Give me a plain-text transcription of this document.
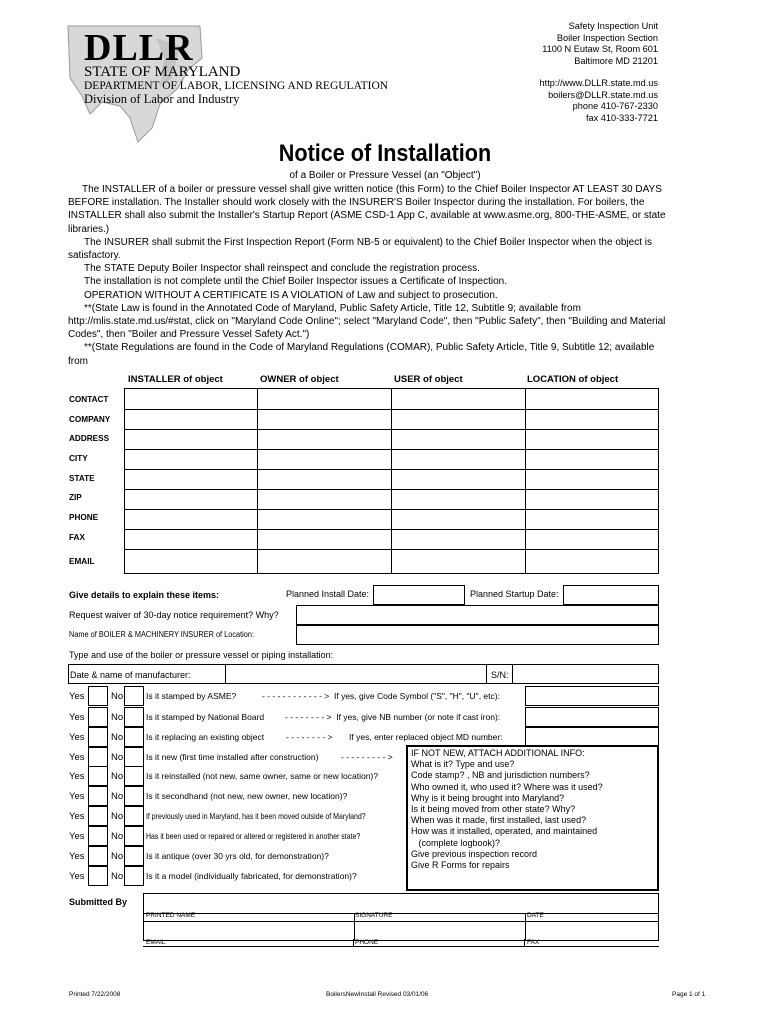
DLLR
STATE OF MARYLAND
DEPARTMENT OF LABOR, LICENSING AND REGULATION
Division of Labor and Industry
Safety Inspection Unit
Boiler Inspection Section
1100 N Eutaw St, Room 601
Baltimore MD 21201
http://www.DLLR.state.md.us
boilers@DLLR.state.md.us
phone 410-767-2330
fax 410-333-7721
Notice of Installation
of a Boiler or Pressure Vessel (an "Object")

The INSTALLER of a boiler or pressure vessel shall give written notice (this Form) to the Chief Boiler Inspector AT LEAST 30 DAYS BEFORE installation. The Installer should work closely with the INSURER'S Boiler Inspector during the installation. For boilers, the INSTALLER shall also submit the Installer's Startup Report (ASME CSD-1 App C, available at www.asme.org, 800-THE-ASME, or state libraries.)

The INSURER shall submit the First Inspection Report (Form NB-5 or equivalent) to the Chief Boiler Inspector when the object is satisfactory.

The STATE Deputy Boiler Inspector shall reinspect and conclude the registration process.

The installation is not complete until the Chief Boiler Inspector issues a Certificate of Inspection.

OPERATION WITHOUT A CERTIFICATE IS A VIOLATION of Law and subject to prosecution.

**(State Law is found in the Annotated Code of Maryland, Public Safety Article, Title 12, Subtitle 9; available from http://mlis.state.md.us/#stat, click on "Maryland Code Online"; select "Maryland Code", then "Public Safety", then "Building and Material Codes", then "Boiler and Pressure Vessel Safety Act.")

**(State Regulations are found in the Code of Maryland Regulations (COMAR), Public Safety Article, Title 9, Subtitle 12; available from

INSTALLER of object	OWNER of object	USER of object	LOCATION of object
CONTACT
COMPANY
ADDRESS
CITY
STATE
ZIP
PHONE
FAX
EMAIL
Give details to explain these items:	Planned Install Date:	Planned Startup Date:
Request waiver of 30-day notice requirement? Why?
Name of BOILER & MACHINERY INSURER of Location:
Type and use of the boiler or pressure vessel or piping installation:
Date & name of manufacturer:	S/N:
Yes	No	Is it stamped by ASME?	- - - - - - - - - - - - >  If yes, give Code Symbol ("S", "H", "U", etc):
Yes	No	Is it stamped by National Board - - - - - - - - >  If yes, give NB number (or note if cast iron):
Yes	No	Is it replacing an existing object	- - - - - - - - >       If yes, enter replaced object MD number:
Yes	No	Is it new (first time installed after construction)	- - - - - - - - - >
Yes	No	Is it reinstalled (not new, same owner, same or new location)?
Yes	No	Is it secondhand (not new, new owner, new location)?
Yes	No	If previously used in Maryland, has it been moved outside of Maryland?
Yes	No	Has it been used or repaired or altered or registered in another state?
Yes	No	Is it antique (over 30 yrs old, for demonstration)?
Yes	No	Is it a model (individually fabricated, for demonstration)?
IF NOT NEW, ATTACH ADDITIONAL INFO:
What is it? Type and use?
Code stamp? , NB and jurisdiction numbers?
Who owned it, who used it? Where was it used?
Why is it being brought into Maryland?
Is it being moved from other state? Why?
When was it made, first installed, last used?
How was it installed, operated, and maintained
(complete logbook)?
Give previous inspection record
Give R Forms for repairs
Submitted By
PRINTED NAME	SIGNATURE	DATE
EMAIL	PHONE	FAX
Printed 7/22/2008	BoilersNewInstall Revised 03/01/06	Page 1 of 1
